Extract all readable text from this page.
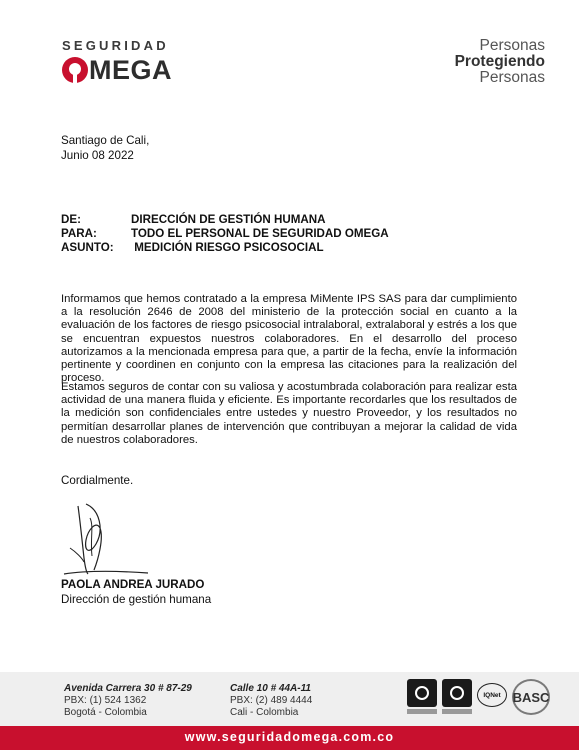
SEGURIDAD
MEGA
Personas
Protegiendo
Personas
Santiago de Cali,
Junio 08 2022
DE:	DIRECCIÓN DE GESTIÓN HUMANA
PARA:	TODO EL PERSONAL DE SEGURIDAD OMEGA
ASUNTO:	MEDICIÓN RIESGO PSICOSOCIAL

Informamos que hemos contratado a la empresa MiMente IPS SAS para dar cumplimiento a la resolución 2646 de 2008 del ministerio de la protección social en cuanto a la evaluación de los factores de riesgo psicosocial intralaboral, extralaboral y estrés a los que se encuentran expuestos nuestros colaboradores. En el desarrollo del proceso autorizamos a la mencionada empresa para que, a partir de la fecha, envíe la información pertinente y coordinen en conjunto con la empresa las citaciones para la realización del proceso.

Estamos seguros de contar con su valiosa y acostumbrada colaboración para realizar esta actividad de una manera fluida y eficiente. Es importante recordarles que los resultados de la medición son confidenciales entre ustedes y nuestro Proveedor, y los resultados no permitían desarrollar planes de intervención que contribuyan a mejorar la calidad de vida de nuestros colaboradores.

Cordialmente.
PAOLA ANDREA JURADO
Dirección de gestión humana
Avenida Carrera 30 # 87-29
PBX: (1) 524 1362
Bogotá - Colombia
Calle 10 # 44A-11
PBX: (2) 489 4444
Cali - Colombia
IQNet BASC
www.seguridadomega.com.co
